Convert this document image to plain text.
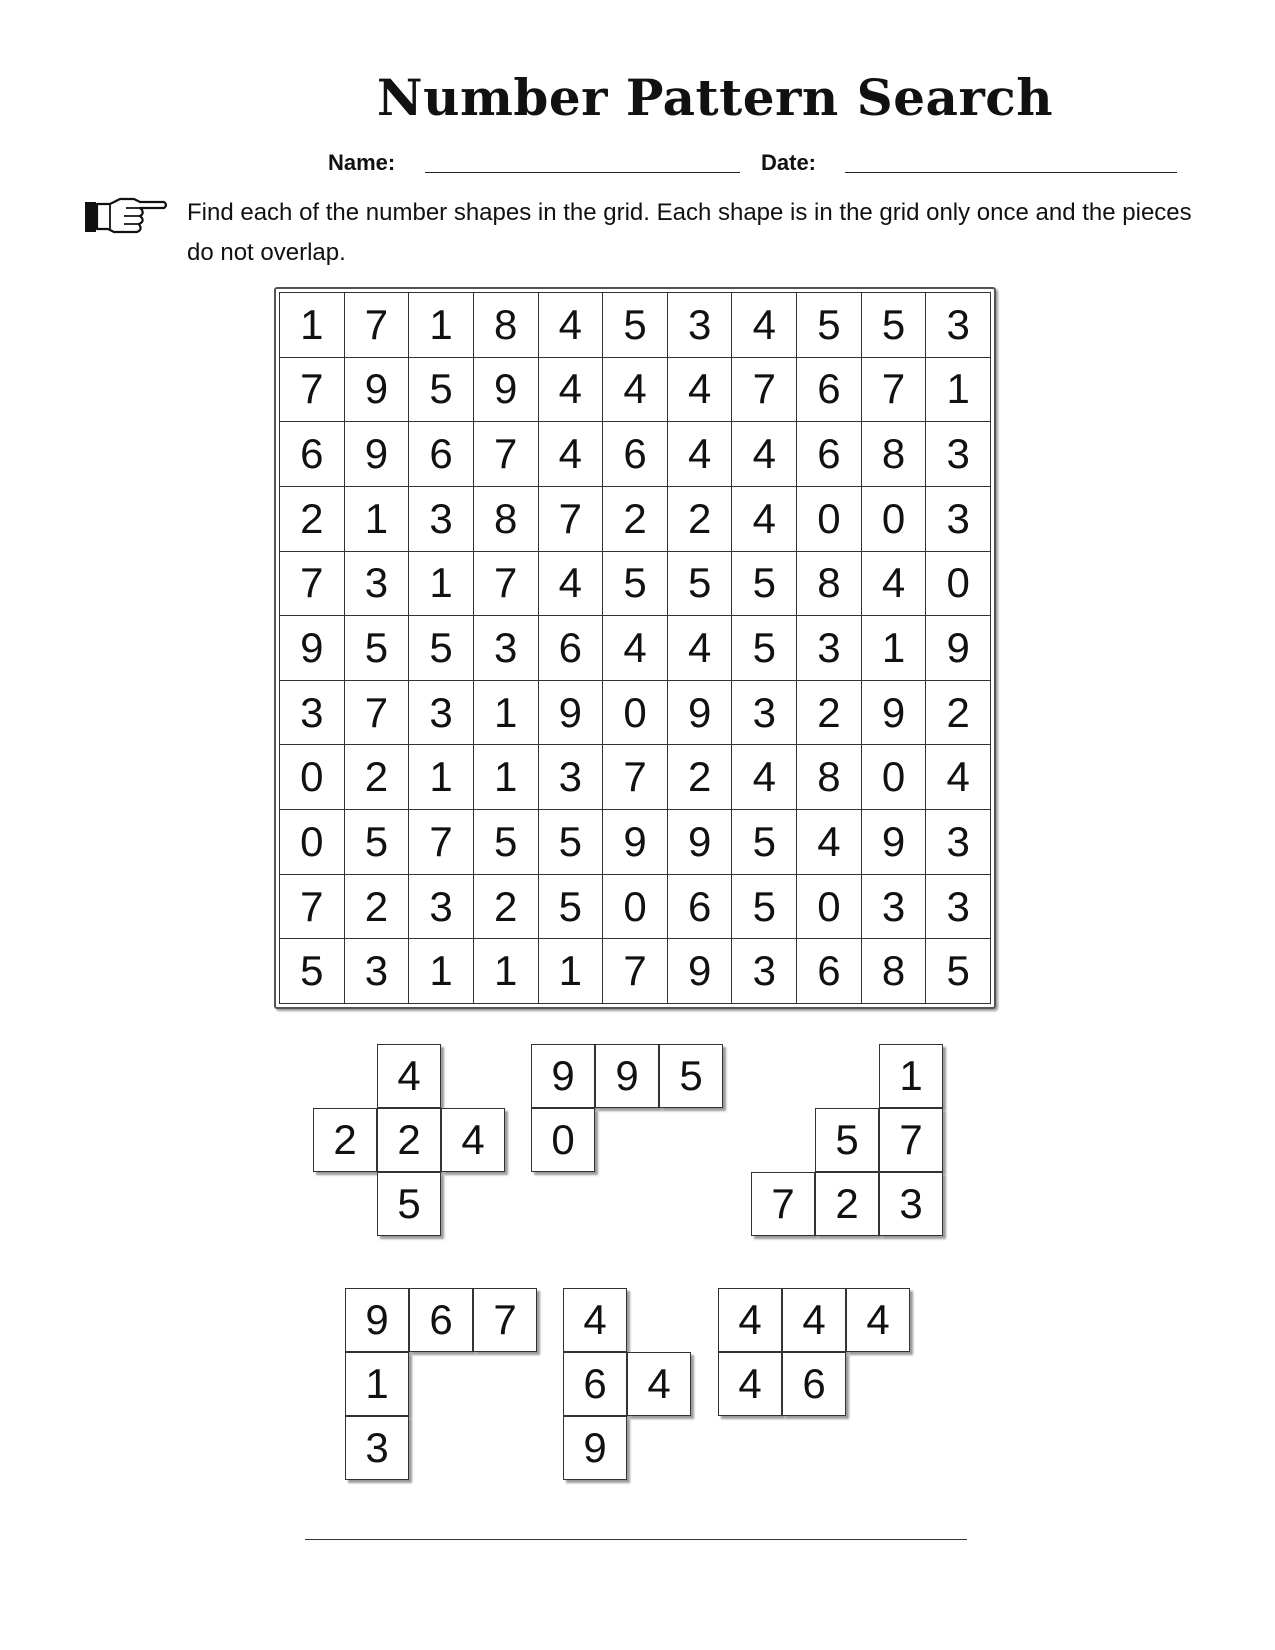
Number Pattern Search
Name:	Date:
Find each of the number shapes in the grid. Each shape is in the grid only once and the pieces do not overlap.
1 7 1 8 4 5 3 4 5 5 3
7 9 5 9 4 4 4 7 6 7 1
6 9 6 7 4 6 4 4 6 8 3
2 1 3 8 7 2 2 4 0 0 3
7 3 1 7 4 5 5 5 8 4 0
9 5 5 3 6 4 4 5 3 1 9
3 7 3 1 9 0 9 3 2 9 2
0 2 1 1 3 7 2 4 8 0 4
0 5 7 5 5 9 9 5 4 9 3
7 2 3 2 5 0 6 5 0 3 3
5 3 1 1 1 7 9 3 6 8 5
4
2 2 4
5
9 9 5
0
1
5 7
7 2 3
9 6 7
1
3
4
6 4
9
4 4 4
4 6
